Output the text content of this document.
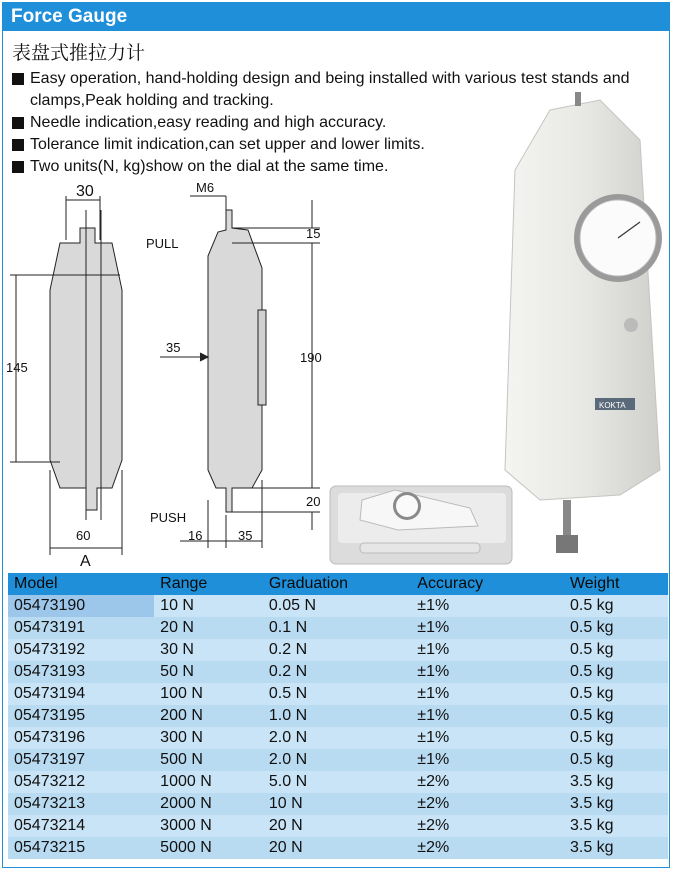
Force Gauge
表盘式推拉力计
Easy operation, hand-holding design and being installed with various test stands and clamps,Peak holding and tracking.
Needle indication,easy reading and high accuracy.
Tolerance limit indication,can set upper and lower limits.
Two units(N, kg)show on the dial at the same time.
30	M6
PULL
145
35
190
15
20
PUSH
60
A
16	35
KOKTA
Model	Range	Graduation	Accuracy	Weight
05473190	10 N	0.05 N	±1%	0.5 kg
05473191	20 N	0.1 N	±1%	0.5 kg
05473192	30 N	0.2 N	±1%	0.5 kg
05473193	50 N	0.2 N	±1%	0.5 kg
05473194	100 N	0.5 N	±1%	0.5 kg
05473195	200 N	1.0 N	±1%	0.5 kg
05473196	300 N	2.0 N	±1%	0.5 kg
05473197	500 N	2.0 N	±1%	0.5 kg
05473212	1000 N	5.0 N	±2%	3.5 kg
05473213	2000 N	10 N	±2%	3.5 kg
05473214	3000 N	20 N	±2%	3.5 kg
05473215	5000 N	20 N	±2%	3.5 kg
